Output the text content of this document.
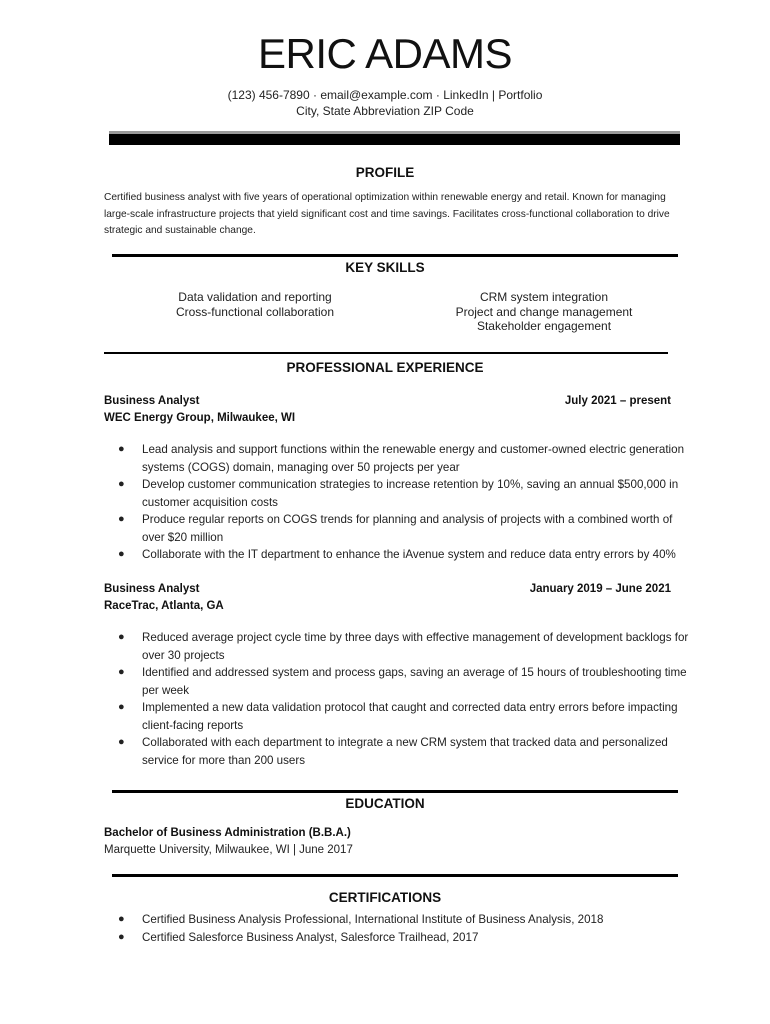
ERIC ADAMS
(123) 456-7890 · email@example.com · LinkedIn | Portfolio
City, State Abbreviation ZIP Code
PROFILE
Certified business analyst with five years of operational optimization within renewable energy and retail. Known for managing large-scale infrastructure projects that yield significant cost and time savings. Facilitates cross-functional collaboration to drive strategic and sustainable change.
KEY SKILLS
Data validation and reporting
Cross-functional collaboration
CRM system integration
Project and change management
Stakeholder engagement
PROFESSIONAL EXPERIENCE
Business Analyst	July 2021 – present
WEC Energy Group, Milwaukee, WI
● Lead analysis and support functions within the renewable energy and customer-owned electric generation systems (COGS) domain, managing over 50 projects per year
● Develop customer communication strategies to increase retention by 10%, saving an annual $500,000 in customer acquisition costs
● Produce regular reports on COGS trends for planning and analysis of projects with a combined worth of over $20 million
● Collaborate with the IT department to enhance the iAvenue system and reduce data entry errors by 40%
Business Analyst	January 2019 – June 2021
RaceTrac, Atlanta, GA
● Reduced average project cycle time by three days with effective management of development backlogs for over 30 projects
● Identified and addressed system and process gaps, saving an average of 15 hours of troubleshooting time per week
● Implemented a new data validation protocol that caught and corrected data entry errors before impacting client-facing reports
● Collaborated with each department to integrate a new CRM system that tracked data and personalized service for more than 200 users
EDUCATION
Bachelor of Business Administration (B.B.A.)
Marquette University, Milwaukee, WI | June 2017
CERTIFICATIONS
● Certified Business Analysis Professional, International Institute of Business Analysis, 2018
● Certified Salesforce Business Analyst, Salesforce Trailhead, 2017
